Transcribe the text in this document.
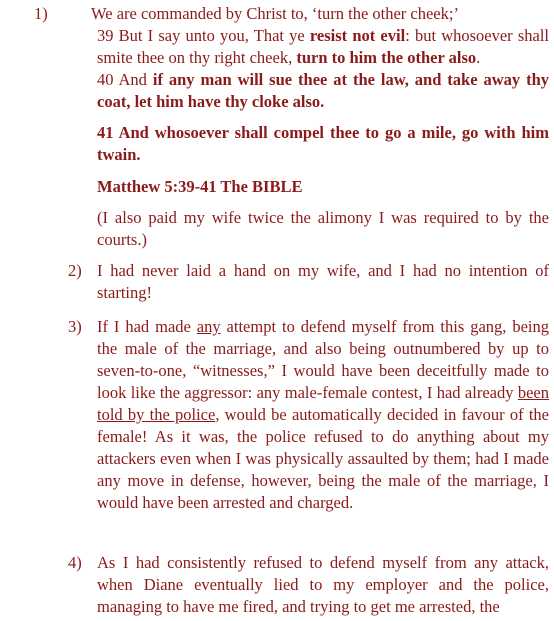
1)	We are commanded by Christ to, ‘turn the other cheek;’

39 But I say unto you, That ye resist not evil: but whosoever shall smite thee on thy right cheek, turn to him the other also.

40 And if any man will sue thee at the law, and take away thy coat, let him have thy cloke also.

41 And whosoever shall compel thee to go a mile, go with him twain.

Matthew 5:39-41 The BIBLE

(I also paid my wife twice the alimony I was required to by the courts.)

2) I had never laid a hand on my wife, and I had no intention of starting!
3) If I had made any attempt to defend myself from this gang, being the male of the marriage, and also being outnumbered by up to seven-to-one, “witnesses,” I would have been deceitfully made to look like the aggressor: any male-female contest, I had already been told by the police, would be automatically decided in favour of the female! As it was, the police refused to do anything about my attackers even when I was physically assaulted by them; had I made any move in defense, however, being the male of the marriage, I would have been arrested and charged.
4) As I had consistently refused to defend myself from any attack, when Diane eventually lied to my employer and the police, managing to have me fired, and trying to get me arrested, the
